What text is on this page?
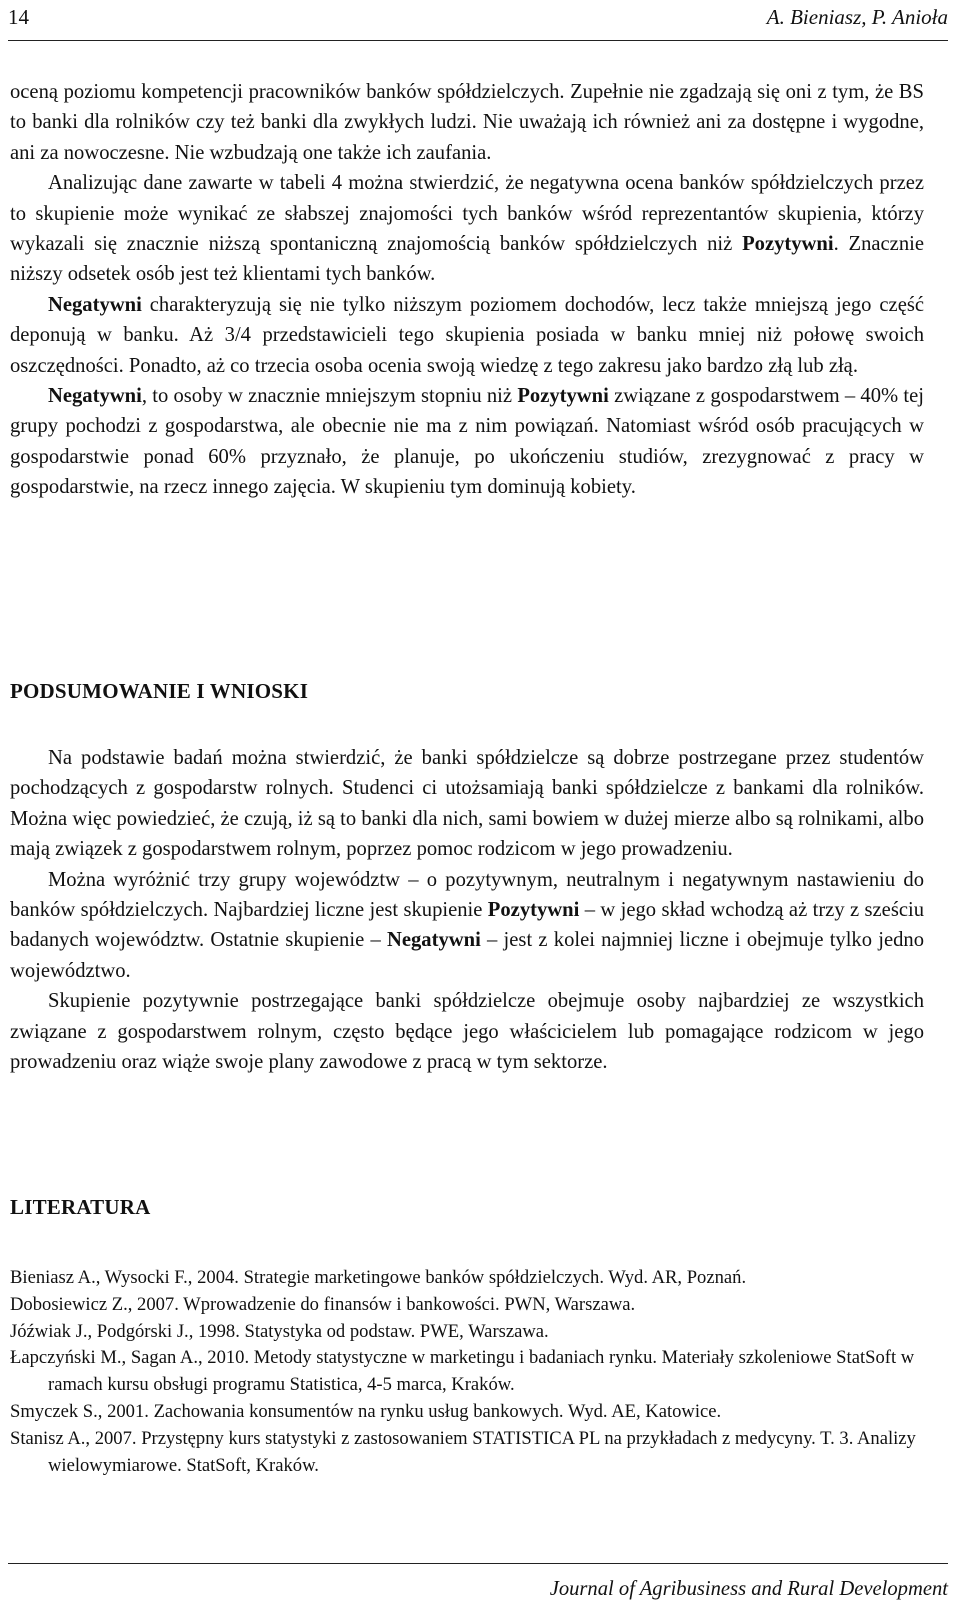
14	A. Bieniasz, P. Anioła

oceną poziomu kompetencji pracowników banków spółdzielczych. Zupełnie nie zgadzają się oni z tym, że BS to banki dla rolników czy też banki dla zwykłych ludzi. Nie uważają ich również ani za dostępne i wygodne, ani za nowoczesne. Nie wzbudzają one także ich zaufania.

Analizując dane zawarte w tabeli 4 można stwierdzić, że negatywna ocena banków spółdzielczych przez to skupienie może wynikać ze słabszej znajomości tych banków wśród reprezentantów skupienia, którzy wykazali się znacznie niższą spontaniczną znajomością banków spółdzielczych niż Pozytywni. Znacznie niższy odsetek osób jest też klientami tych banków.

Negatywni charakteryzują się nie tylko niższym poziomem dochodów, lecz także mniejszą jego część deponują w banku. Aż 3/4 przedstawicieli tego skupienia posiada w banku mniej niż połowę swoich oszczędności. Ponadto, aż co trzecia osoba ocenia swoją wiedzę z tego zakresu jako bardzo złą lub złą.

Negatywni, to osoby w znacznie mniejszym stopniu niż Pozytywni związane z gospodarstwem – 40% tej grupy pochodzi z gospodarstwa, ale obecnie nie ma z nim powiązań. Natomiast wśród osób pracujących w gospodarstwie ponad 60% przyznało, że planuje, po ukończeniu studiów, zrezygnować z pracy w gospodarstwie, na rzecz innego zajęcia. W skupieniu tym dominują kobiety.

PODSUMOWANIE I WNIOSKI

Na podstawie badań można stwierdzić, że banki spółdzielcze są dobrze postrzegane przez studentów pochodzących z gospodarstw rolnych. Studenci ci utożsamiają banki spółdzielcze z bankami dla rolników. Można więc powiedzieć, że czują, iż są to banki dla nich, sami bowiem w dużej mierze albo są rolnikami, albo mają związek z gospodarstwem rolnym, poprzez pomoc rodzicom w jego prowadzeniu.

Można wyróżnić trzy grupy województw – o pozytywnym, neutralnym i negatywnym nastawieniu do banków spółdzielczych. Najbardziej liczne jest skupienie Pozytywni – w jego skład wchodzą aż trzy z sześciu badanych województw. Ostatnie skupienie – Negatywni – jest z kolei najmniej liczne i obejmuje tylko jedno województwo.

Skupienie pozytywnie postrzegające banki spółdzielcze obejmuje osoby najbardziej ze wszystkich związane z gospodarstwem rolnym, często będące jego właścicielem lub pomagające rodzicom w jego prowadzeniu oraz wiąże swoje plany zawodowe z pracą w tym sektorze.

LITERATURA

Bieniasz A., Wysocki F., 2004. Strategie marketingowe banków spółdzielczych. Wyd. AR, Poznań.

Dobosiewicz Z., 2007. Wprowadzenie do finansów i bankowości. PWN, Warszawa.

Jóźwiak J., Podgórski J., 1998. Statystyka od podstaw. PWE, Warszawa.

Łapczyński M., Sagan A., 2010. Metody statystyczne w marketingu i badaniach rynku. Materiały szkoleniowe StatSoft w ramach kursu obsługi programu Statistica, 4-5 marca, Kraków.

Smyczek S., 2001. Zachowania konsumentów na rynku usług bankowych. Wyd. AE, Katowice.

Stanisz A., 2007. Przystępny kurs statystyki z zastosowaniem STATISTICA PL na przykładach z medycyny. T. 3. Analizy wielowymiarowe. StatSoft, Kraków.

Journal of Agribusiness and Rural Development
